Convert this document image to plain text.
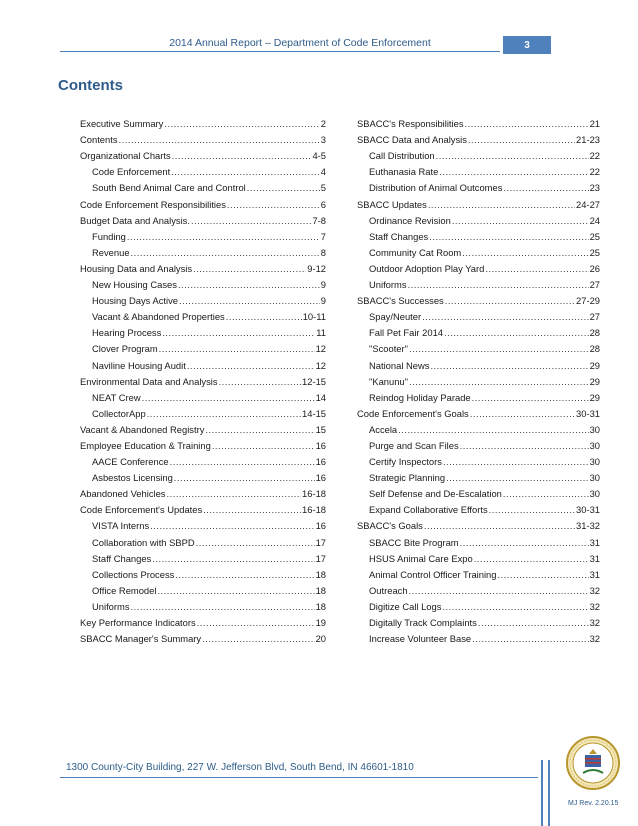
2014 Annual Report – Department of Code Enforcement	3
Contents
Executive Summary .....	2
Contents .....	3
Organizational Charts .....	4-5
Code Enforcement .....	4
South Bend Animal Care and Control .....	5
Code Enforcement Responsibilities .....	6
Budget Data and Analysis. .....	7-8
Funding .....	7
Revenue .....	8
Housing Data and Analysis .....	9-12
New Housing Cases .....	9
Housing Days Active .....	9
Vacant & Abandoned Properties .....	10-11
Hearing Process .....	11
Clover Program .....	12
Naviline Housing Audit .....	12
Environmental Data and Analysis .....	12-15
NEAT Crew .....	14
CollectorApp .....	14-15
Vacant & Abandoned Registry .....	15
Employee Education & Training .....	16
AACE Conference .....	16
Asbestos Licensing .....	16
Abandoned Vehicles .....	16-18
Code Enforcement's Updates .....	16-18
VISTA Interns .....	16
Collaboration with SBPD .....	17
Staff Changes .....	17
Collections Process .....	18
Office Remodel .....	18
Uniforms .....	18
Key Performance Indicators .....	19
SBACC Manager's Summary .....	20
SBACC's Responsibilities .....	21
SBACC Data and Analysis .....	21-23
Call Distribution .....	22
Euthanasia Rate .....	22
Distribution of Animal Outcomes .....	23
SBACC Updates .....	24-27
Ordinance Revision .....	24
Staff Changes .....	25
Community Cat Room .....	25
Outdoor Adoption Play Yard .....	26
Uniforms .....	27
SBACC's Successes .....	27-29
Spay/Neuter .....	27
Fall Pet Fair 2014 .....	28
"Scooter" .....	28
National News .....	29
"Kanunu" .....	29
Reindog Holiday Parade .....	29
Code Enforcement's Goals .....	30-31
Accela .....	30
Purge and Scan Files .....	30
Certify Inspectors .....	30
Strategic Planning .....	30
Self Defense and De-Escalation .....	30
Expand Collaborative Efforts .....	30-31
SBACC's Goals .....	31-32
SBACC Bite Program .....	31
HSUS Animal Care Expo .....	31
Animal Control Officer Training .....	31
Outreach .....	32
Digitize Call Logs .....	32
Digitally Track Complaints .....	32
Increase Volunteer Base .....	32
1300 County-City Building, 227 W. Jefferson Blvd, South Bend, IN 46601-1810
MJ Rev. 2.20.15
